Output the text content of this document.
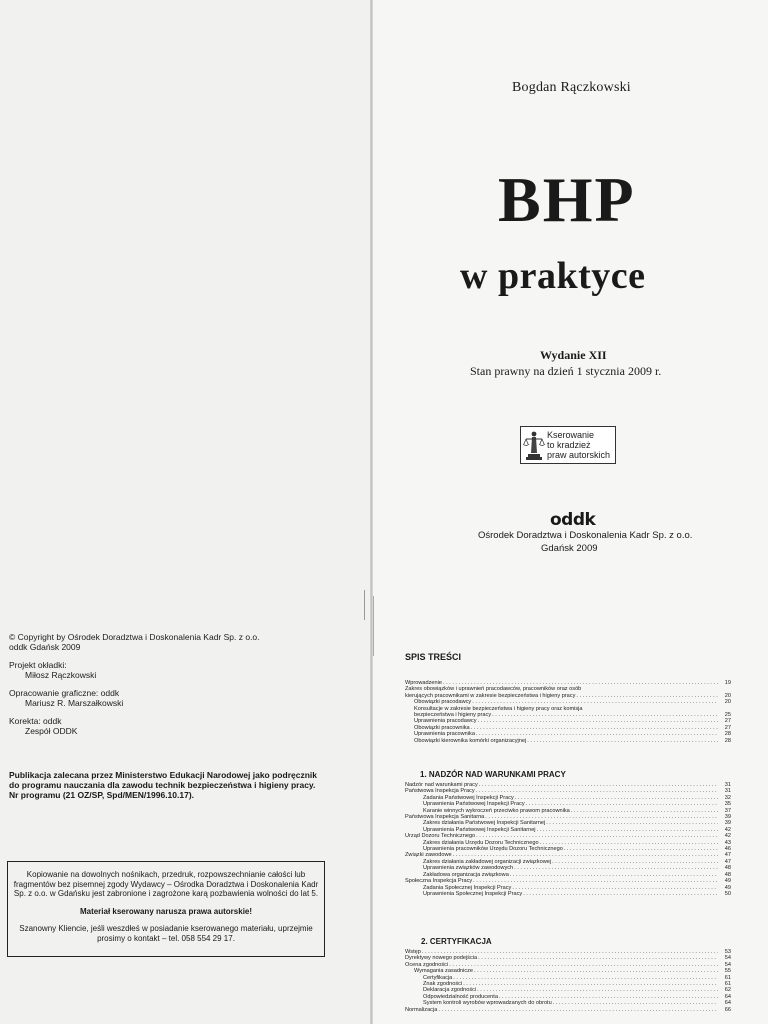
Bogdan Rączkowski
BHP
w praktyce
Wydanie XII
Stan prawny na dzień 1 stycznia 2009 r.
Kserowanie
to kradzież
praw autorskich
oddk
Ośrodek Doradztwa i Doskonalenia Kadr Sp. z o.o.
Gdańsk 2009
© Copyright by Ośrodek Doradztwa i Doskonalenia Kadr Sp. z o.o.
oddk Gdańsk 2009
Projekt okładki:
Miłosz Rączkowski
Opracowanie graficzne: oddk
Mariusz R. Marszałkowski
Korekta: oddk
Zespół ODDK
Publikacja zalecana przez Ministerstwo Edukacji Narodowej jako podręcznik do programu nauczania dla zawodu technik bezpieczeństwa i higieny pracy. Nr programu (21 OZ/SP, Spd/MEN/1996.10.17).
Kopiowanie na dowolnych nośnikach, przedruk, rozpowszechnianie całości lub fragmentów bez pisemnej zgody Wydawcy – Ośrodka Doradztwa i Doskonalenia Kadr Sp. z o.o. w Gdańsku jest zabronione i zagrożone karą pozbawienia wolności do lat 5.
Materiał kserowany narusza prawa autorskie!
Szanowny Kliencie, jeśli weszdłeś w posiadanie kserowanego materiału, uprzejmie prosimy o kontakt – tel. 058 554 29 17.
SPIS TREŚCI
Wprowadzenie . . .	19
Zakres obowiązków i uprawnień pracodawców, pracowników oraz osób
kierujących pracownikami w zakresie bezpieczeństwa i higieny pracy . . .	20
Obowiązki pracodawcy . . .	20
Konsultacje w zakresie bezpieczeństwa i higieny pracy oraz komisja
bezpieczeństwa i higieny pracy . . .	25
Uprawnienia pracodawcy . . .	27
Obowiązki pracownika . . .	27
Uprawnienia pracownika . . .	28
Obowiązki kierownika komórki organizacyjnej . . .	28
1. NADZÓR NAD WARUNKAMI PRACY
Nadzór nad warunkami pracy . . .	31
Państwowa Inspekcja Pracy . . .	31
Zadania Państwowej Inspekcji Pracy . . .	32
Uprawnienia Państwowej Inspekcji Pracy . . .	35
Karanie winnych wykroczeń przeciwko prawom pracownika . . .	37
Państwowa Inspekcja Sanitarna . . .	39
Zakres działania Państwowej Inspekcji Sanitarnej . . .	39
Uprawnienia Państwowej Inspekcji Sanitarnej . . .	42
Urząd Dozoru Technicznego . . .	42
Zakres działania Urzędu Dozoru Technicznego . . .	43
Uprawnienia pracowników Urzędu Dozoru Technicznego . . .	46
Związki zawodowe . . .	47
Zakres działania zakładowej organizacji związkowej . . .	47
Uprawnienia związków zawodowych . . .	48
Zakładowa organizacja związkowa . . .	48
Społeczna Inspekcja Pracy . . .	49
Zadania Społecznej Inspekcji Pracy . . .	49
Uprawnienia Społecznej Inspekcji Pracy . . .	50
2. CERTYFIKACJA
Wstęp . . .	53
Dyrektywy nowego podejścia . . .	54
Ocena zgodności . . .	54
Wymagania zasadnicze . . .	55
Certyfikacja . . .	61
Znak zgodności . . .	61
Deklaracja zgodności . . .	62
Odpowiedzialność producenta . . .	64
System kontroli wyrobów wprowadzanych do obrotu . . .	64
Normalizacja . . .	66
